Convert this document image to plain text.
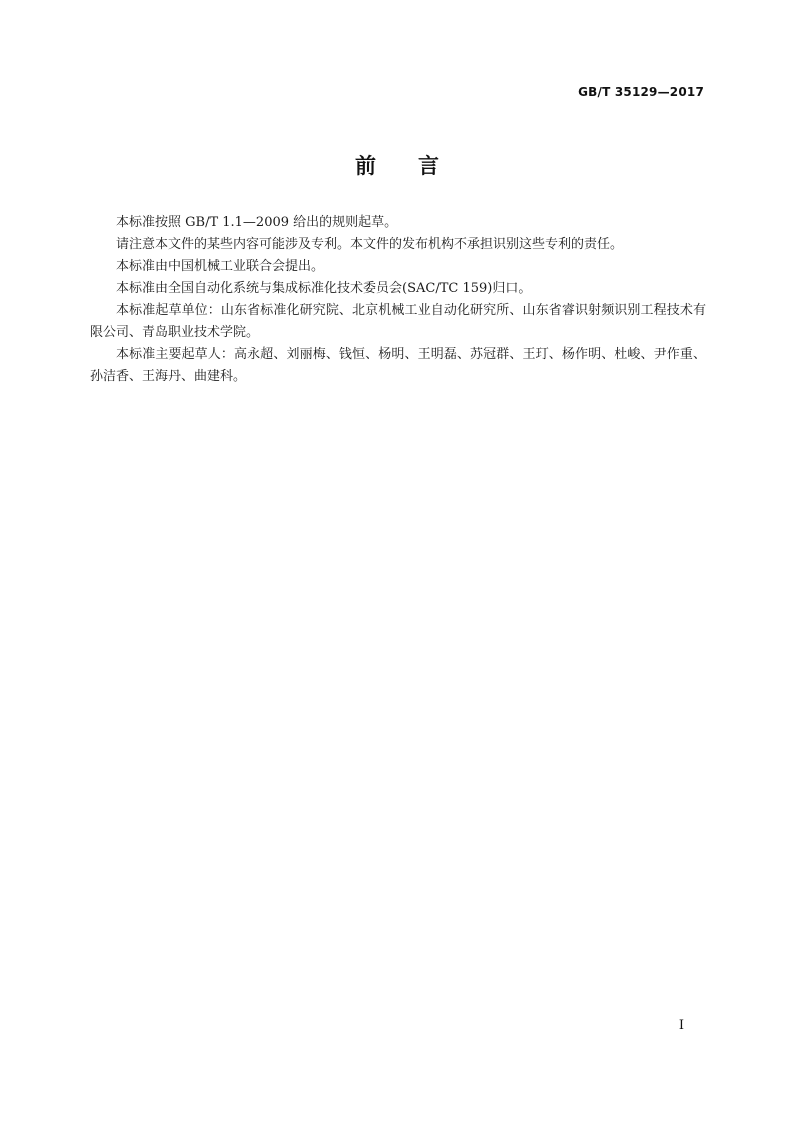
GB/T 35129—2017
前　　言

本标准按照 GB/T 1.1—2009 给出的规则起草。

请注意本文件的某些内容可能涉及专利。本文件的发布机构不承担识别这些专利的责任。

本标准由中国机械工业联合会提出。

本标准由全国自动化系统与集成标准化技术委员会(SAC/TC 159)归口。

本标准起草单位：山东省标准化研究院、北京机械工业自动化研究所、山东省睿识射频识别工程技术有限公司、青岛职业技术学院。

本标准主要起草人：高永超、刘丽梅、钱恒、杨明、王明磊、苏冠群、王玎、杨作明、杜峻、尹作重、孙洁香、王海丹、曲建科。

I
